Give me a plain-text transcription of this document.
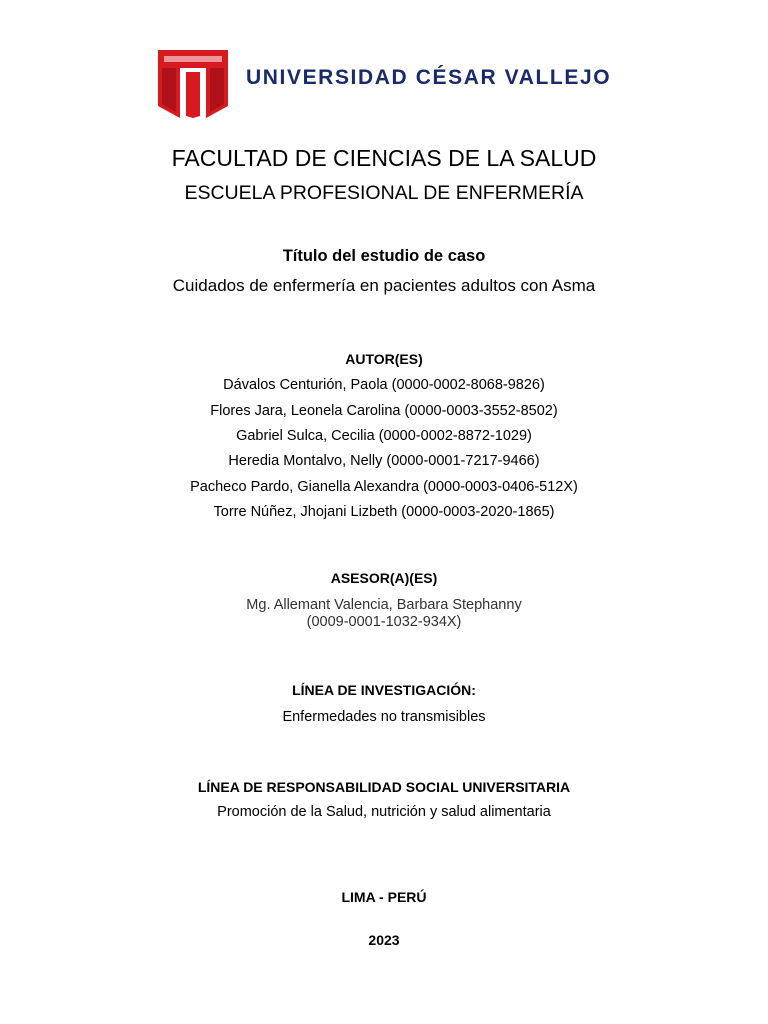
UNIVERSIDAD CÉSAR VALLEJO
FACULTAD DE CIENCIAS DE LA SALUD
ESCUELA PROFESIONAL DE ENFERMERÍA
Título del estudio de caso
Cuidados de enfermería en pacientes adultos con Asma
AUTOR(ES)
Dávalos Centurión, Paola (0000-0002-8068-9826)
Flores Jara, Leonela Carolina (0000-0003-3552-8502)
Gabriel Sulca, Cecilia (0000-0002-8872-1029)
Heredia Montalvo, Nelly (0000-0001-7217-9466)
Pacheco Pardo, Gianella Alexandra (0000-0003-0406-512X)
Torre Núñez, Jhojani Lizbeth (0000-0003-2020-1865)
ASESOR(A)(ES)
Mg. Allemant Valencia, Barbara Stephanny
(0009-0001-1032-934X)
LÍNEA DE INVESTIGACIÓN:
Enfermedades no transmisibles
LÍNEA DE RESPONSABILIDAD SOCIAL UNIVERSITARIA
Promoción de la Salud, nutrición y salud alimentaria
LIMA - PERÚ
2023
